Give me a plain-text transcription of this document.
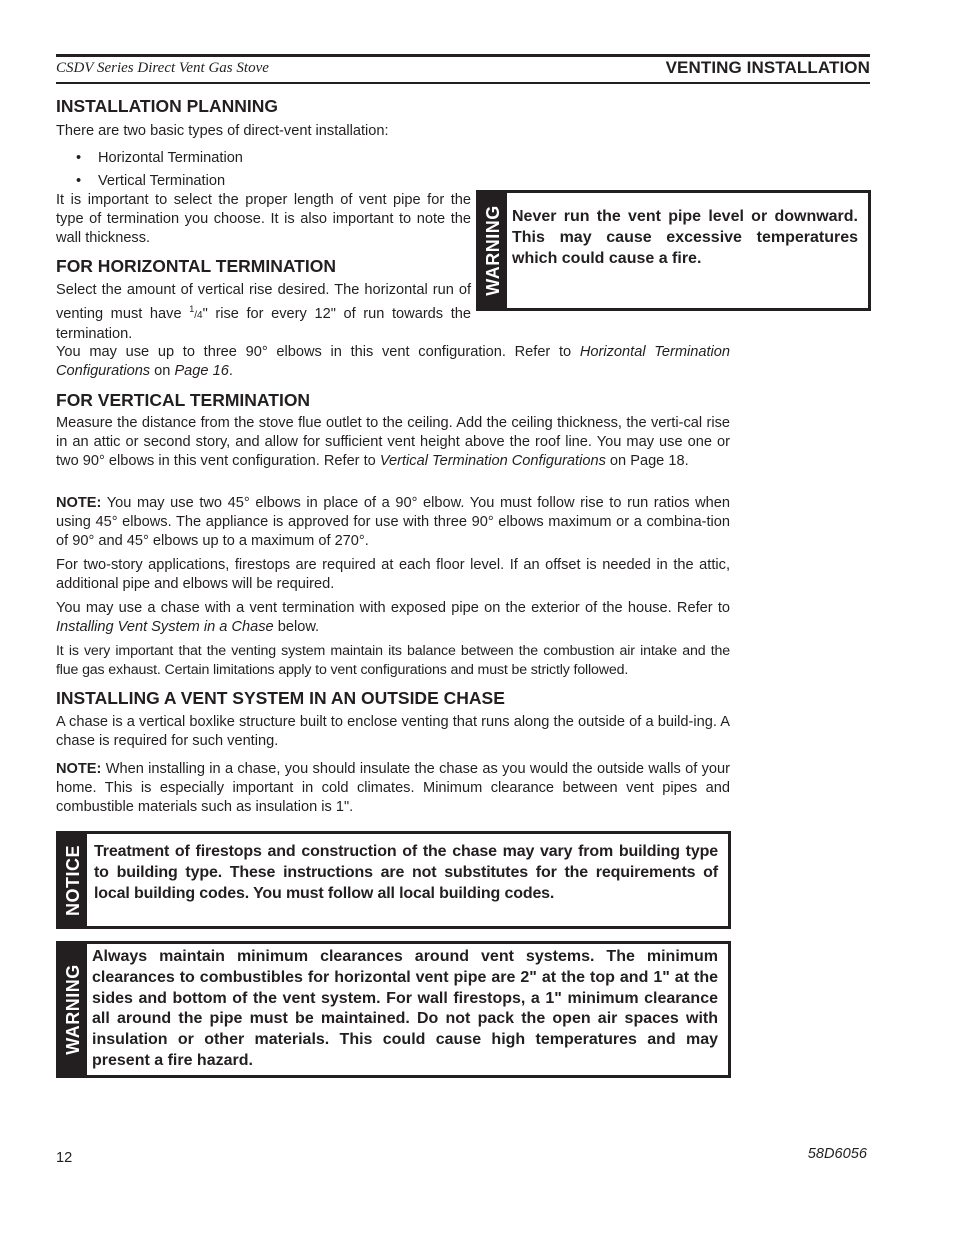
CSDV Series Direct Vent Gas Stove	VENTING INSTALLATION
INSTALLATION PLANNING

There are two basic types of direct-vent installation:

• Horizontal Termination
• Vertical Termination

It is important to select the proper length of vent pipe for the type of termination you choose. It is also important to note the wall thickness.	WARNING Never run the vent pipe level or downward. This may cause excessive temperatures which could cause a fire.
FOR HORIZONTAL TERMINATION

Select the amount of vertical rise desired. The horizontal run of venting must have $^1$/4" rise for every 12" of run towards the termination.

You may use up to three 90° elbows in this vent configuration. Refer to Horizontal Termination Configurations on Page 16.

FOR VERTICAL TERMINATION

Measure the distance from the stove flue outlet to the ceiling. Add the ceiling thickness, the verti-cal rise in an attic or second story, and allow for sufficient vent height above the roof line. You may use one or two 90° elbows in this vent configuration. Refer to Vertical Termination Configurations on Page 18.

NOTE: You may use two 45° elbows in place of a 90° elbow. You must follow rise to run ratios when using 45° elbows. The appliance is approved for use with three 90° elbows maximum or a combina-tion of 90° and 45° elbows up to a maximum of 270°.

For two-story applications, firestops are required at each floor level. If an offset is needed in the attic, additional pipe and elbows will be required.

You may use a chase with a vent termination with exposed pipe on the exterior of the house. Refer to Installing Vent System in a Chase below.

It is very important that the venting system maintain its balance between the combustion air intake and the flue gas exhaust. Certain limitations apply to vent configurations and must be strictly followed.

INSTALLING A VENT SYSTEM IN AN OUTSIDE CHASE

A chase is a vertical boxlike structure built to enclose venting that runs along the outside of a build-ing. A chase is required for such venting.

NOTE: When installing in a chase, you should insulate the chase as you would the outside walls of your home. This is especially important in cold climates. Minimum clearance between vent pipes and combustible materials such as insulation is 1".

NOTICE Treatment of firestops and construction of the chase may vary from building type to building type. These instructions are not substitutes for the requirements of local building codes. You must follow all local building codes.
WARNING
Always maintain minimum clearances around vent systems. The minimum clearances to combustibles for horizontal vent pipe are 2" at the top and 1" at the sides and bottom of the vent system. For wall firestops, a 1" minimum clearance all around the pipe must be maintained. Do not pack the open air spaces with insulation or other materials. This could cause high temperatures and may present a fire hazard.
12	58D6056
